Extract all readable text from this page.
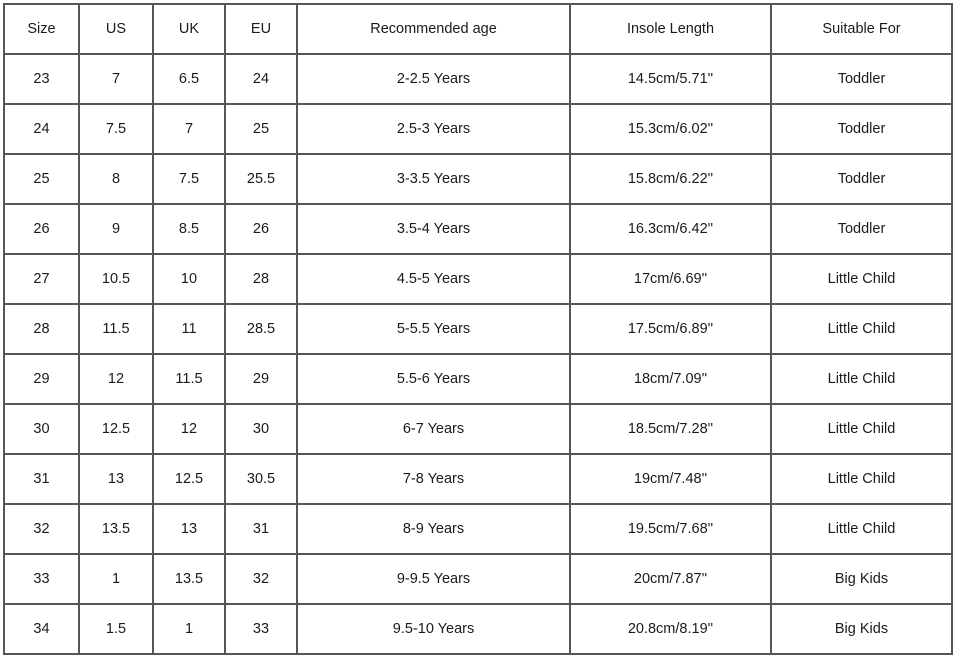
Size	US	UK	EU	Recommended age	Insole Length	Suitable For
23	7	6.5	24	2-2.5 Years	14.5cm/5.71''	Toddler
24	7.5	7	25	2.5-3 Years	15.3cm/6.02''	Toddler
25	8	7.5	25.5	3-3.5 Years	15.8cm/6.22''	Toddler
26	9	8.5	26	3.5-4 Years	16.3cm/6.42''	Toddler
27	10.5	10	28	4.5-5 Years	17cm/6.69''	Little Child
28	11.5	11	28.5	5-5.5 Years	17.5cm/6.89''	Little Child
29	12	11.5	29	5.5-6 Years	18cm/7.09''	Little Child
30	12.5	12	30	6-7 Years	18.5cm/7.28''	Little Child
31	13	12.5	30.5	7-8 Years	19cm/7.48''	Little Child
32	13.5	13	31	8-9 Years	19.5cm/7.68''	Little Child
33	1	13.5	32	9-9.5 Years	20cm/7.87''	Big Kids
34	1.5	1	33	9.5-10 Years	20.8cm/8.19''	Big Kids
